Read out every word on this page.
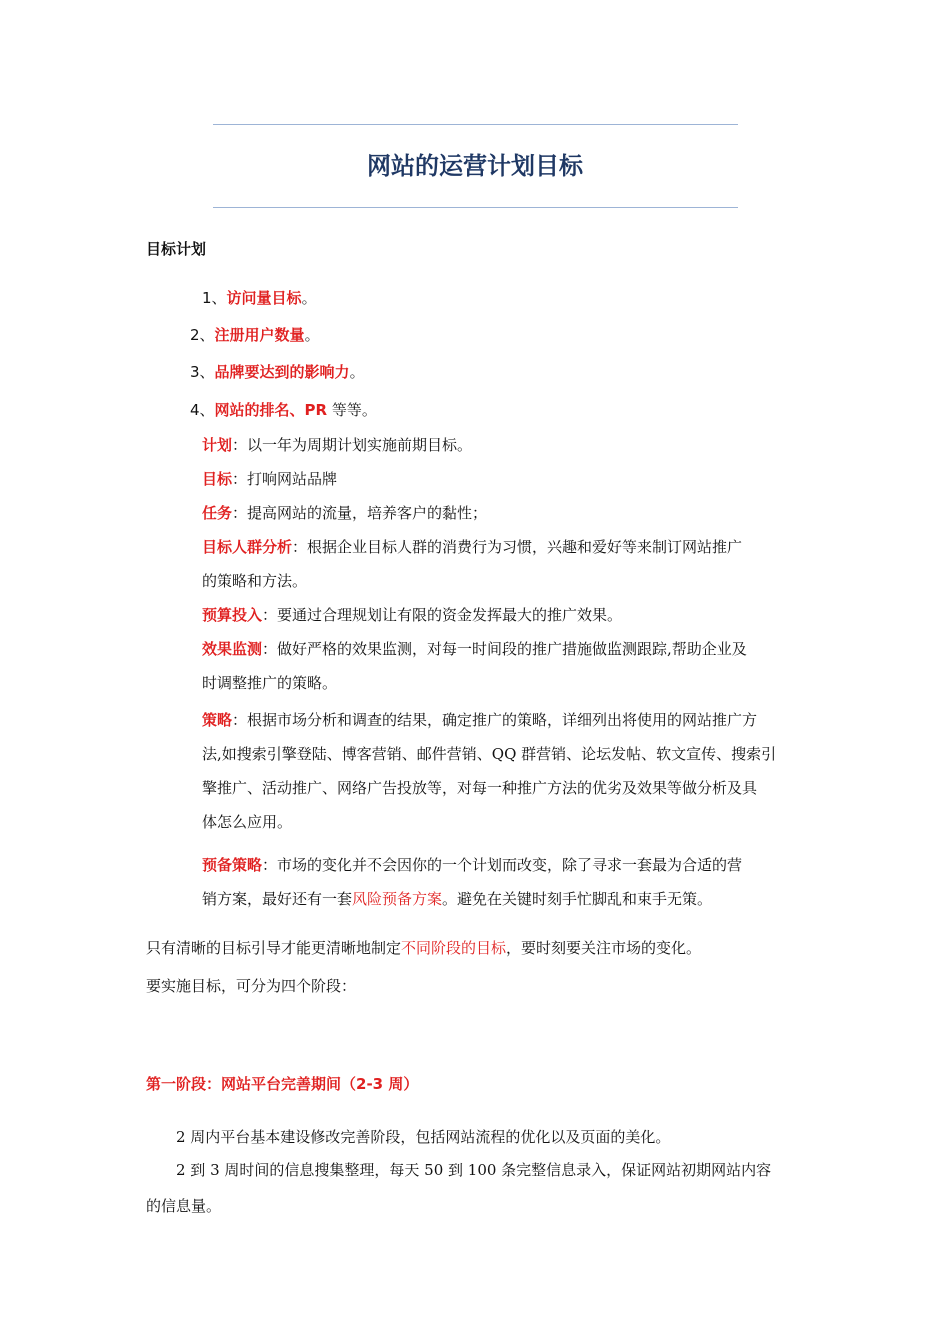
网站的运营计划目标
目标计划
1、访问量目标。
2、注册用户数量。
3、品牌要达到的影响力。
4、网站的排名、PR 等等。
计划：以一年为周期计划实施前期目标。
目标：打响网站品牌
任务：提高网站的流量，培养客户的黏性；
目标人群分析：根据企业目标人群的消费行为习惯，兴趣和爱好等来制订网站推广
的策略和方法。
预算投入：要通过合理规划让有限的资金发挥最大的推广效果。
效果监测：做好严格的效果监测，对每一时间段的推广措施做监测跟踪,帮助企业及
时调整推广的策略。
策略：根据市场分析和调查的结果，确定推广的策略，详细列出将使用的网站推广方
法,如搜索引擎登陆、博客营销、邮件营销、QQ 群营销、论坛发帖、软文宣传、搜索引
擎推广、活动推广、网络广告投放等，对每一种推广方法的优劣及效果等做分析及具
体怎么应用。
预备策略：市场的变化并不会因你的一个计划而改变，除了寻求一套最为合适的营
销方案，最好还有一套风险预备方案。避免在关键时刻手忙脚乱和束手无策。
只有清晰的目标引导才能更清晰地制定不同阶段的目标，要时刻要关注市场的变化。
要实施目标，可分为四个阶段：
第一阶段：网站平台完善期间（2-3 周）
2 周内平台基本建设修改完善阶段，包括网站流程的优化以及页面的美化。
2 到 3 周时间的信息搜集整理，每天 50 到 100 条完整信息录入，保证网站初期网站内容
的信息量。
